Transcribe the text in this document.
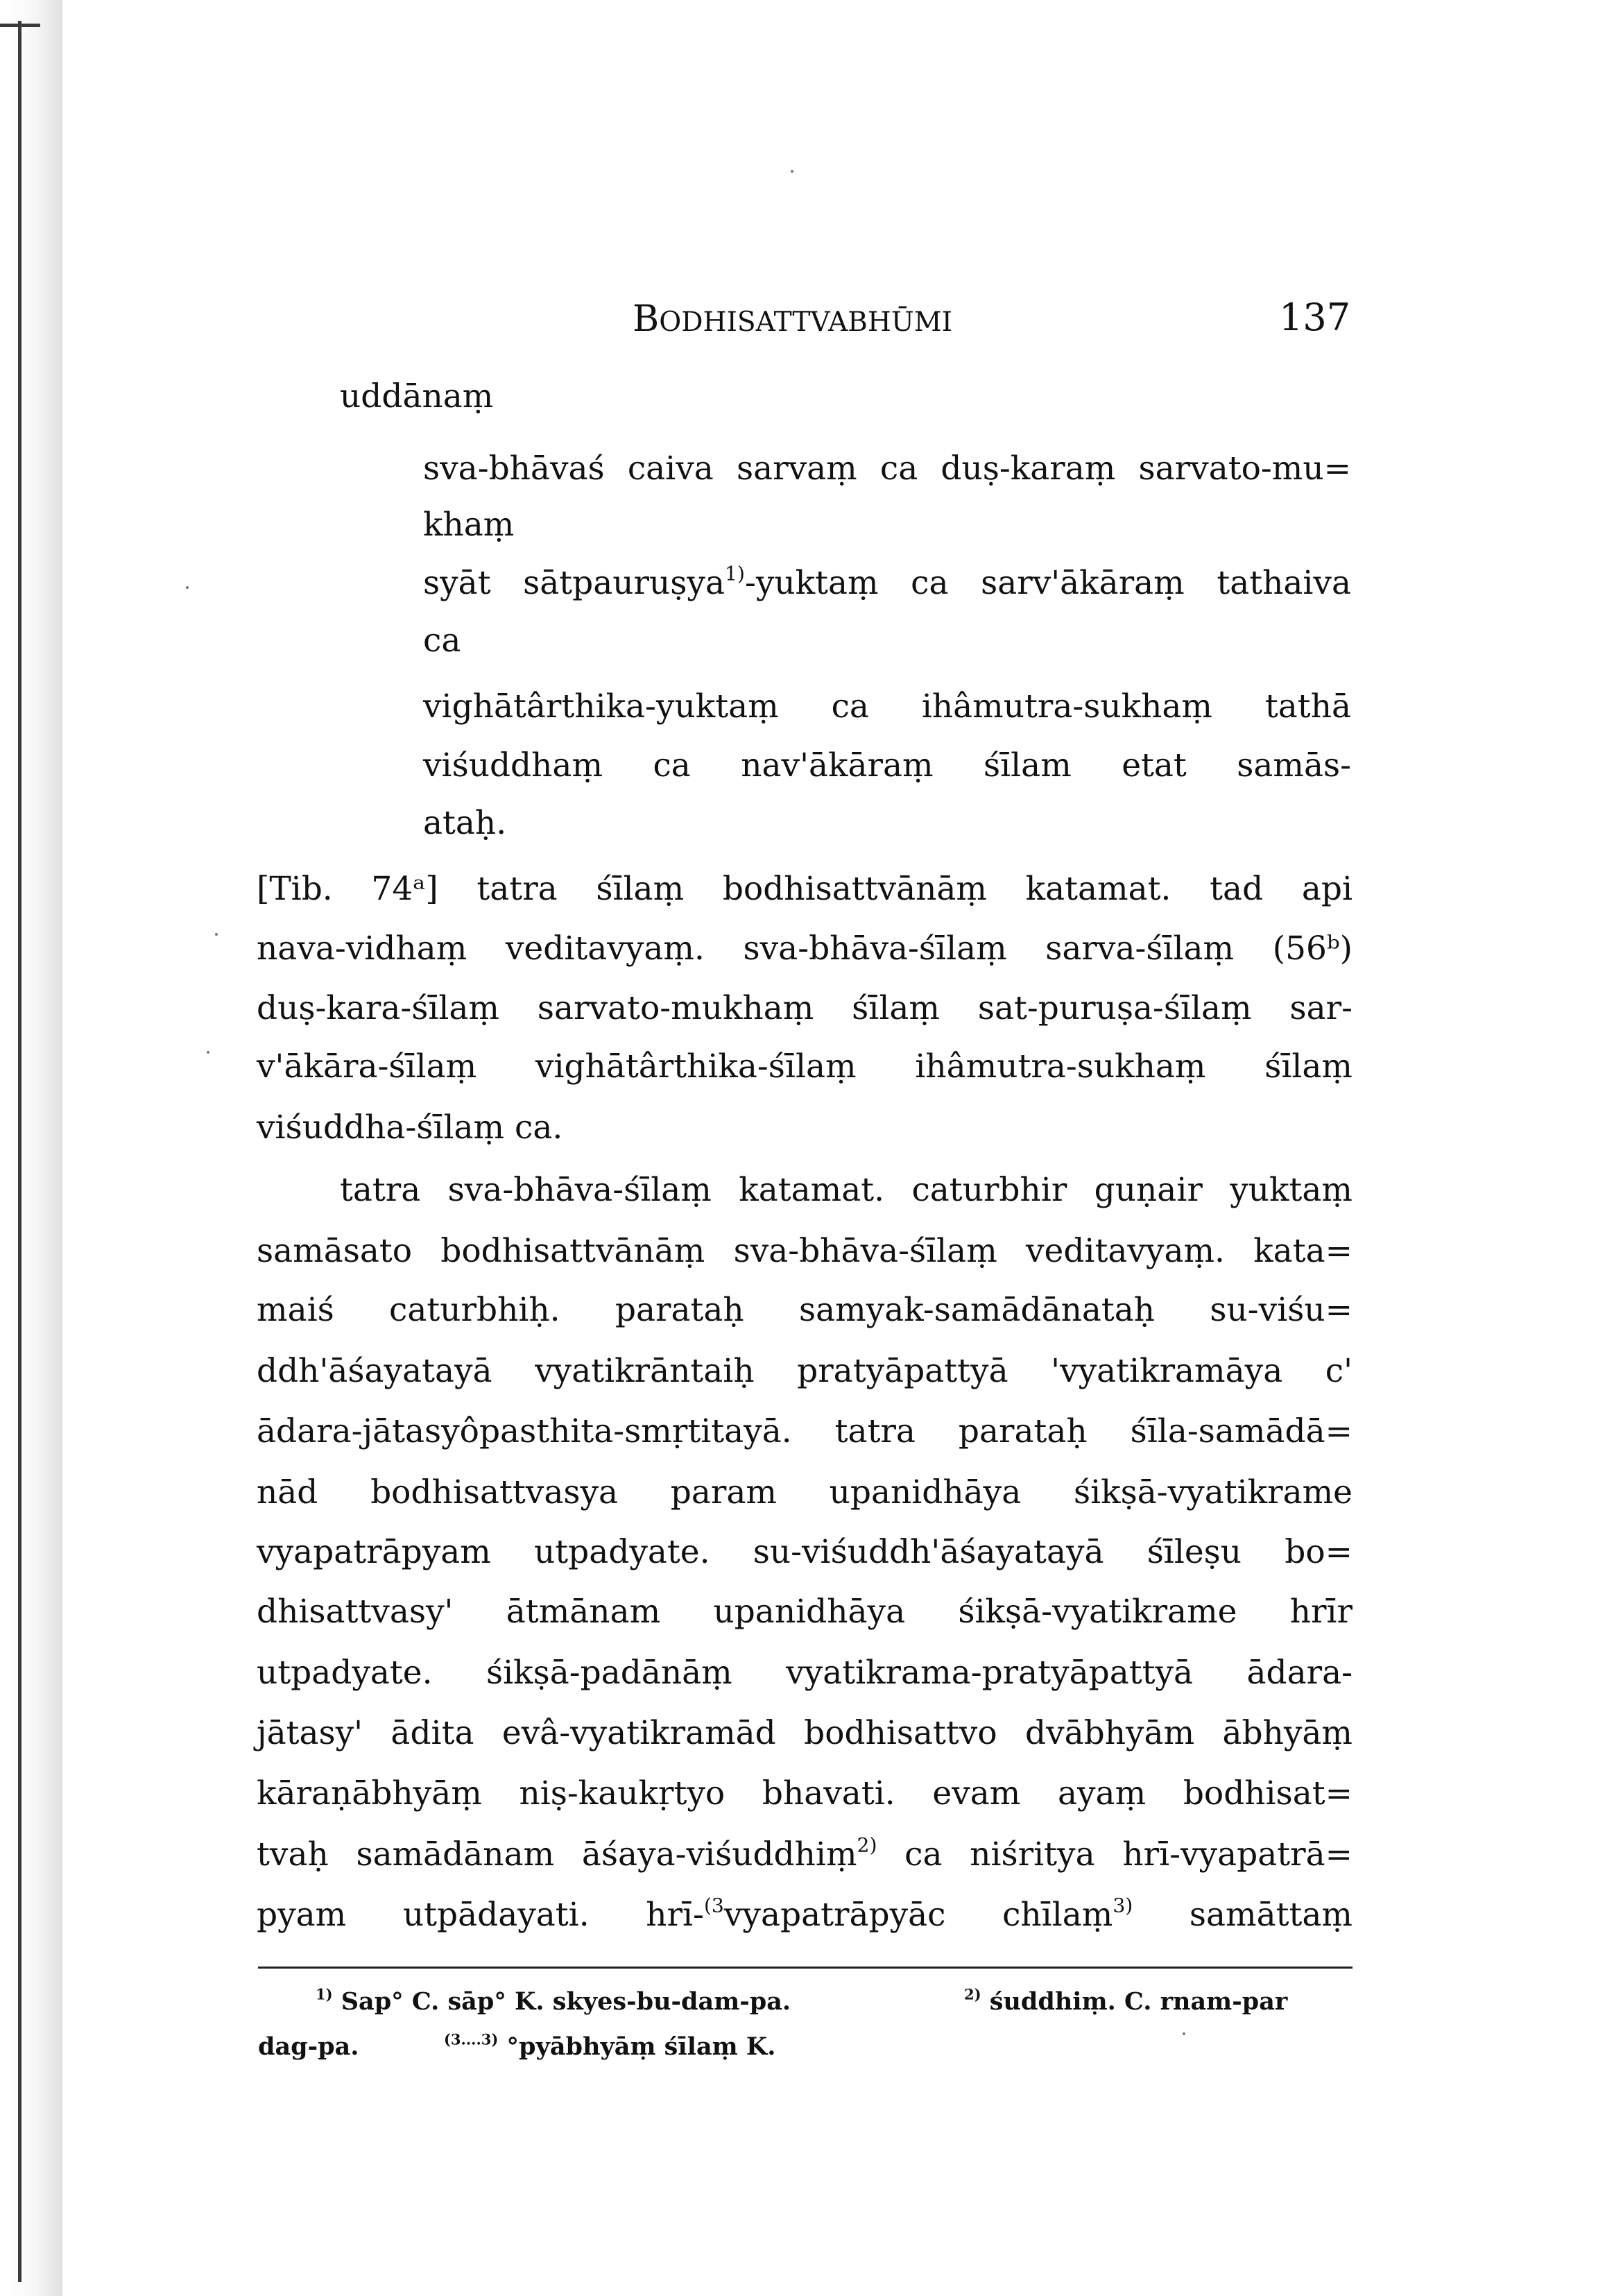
BODHISATTVABHŪMI	137
uddānaṃ
sva-bhāvaś caiva sarvaṃ ca duṣ-karaṃ sarvato-mu=
khaṃ
syāt sātpauruṣya$^{1)}$-yuktaṃ ca sarv'ākāraṃ tathaiva
ca
vighātârthika-yuktaṃ ca ihâmutra-sukhaṃ tathā
viśuddhaṃ ca nav'ākāraṃ śīlam etat samās-
ataḥ.
[Tib. 74ᵃ] tatra śīlaṃ bodhisattvānāṃ katamat. tad api
nava-vidhaṃ veditavyaṃ. sva-bhāva-śīlaṃ sarva-śīlaṃ (56ᵇ)
duṣ-kara-śīlaṃ sarvato-mukhaṃ śīlaṃ sat-puruṣa-śīlaṃ sar-
v'ākāra-śīlaṃ vighātârthika-śīlaṃ ihâmutra-sukhaṃ śīlaṃ
viśuddha-śīlaṃ ca.
tatra sva-bhāva-śīlaṃ katamat. caturbhir guṇair yuktaṃ
samāsato bodhisattvānāṃ sva-bhāva-śīlaṃ veditavyaṃ. kata=
maiś caturbhiḥ. parataḥ samyak-samādānataḥ su-viśu=
ddh'āśayatayā vyatikrāntaiḥ pratyāpattyā 'vyatikramāya c'
ādara-jātasyôpasthita-smṛtitayā. tatra parataḥ śīla-samādā=
nād bodhisattvasya param upanidhāya śikṣā-vyatikrame
vyapatrāpyam utpadyate. su-viśuddh'āśayatayā śīleṣu bo=
dhisattvasy' ātmānam upanidhāya śikṣā-vyatikrame hrīr
utpadyate. śikṣā-padānāṃ vyatikrama-pratyāpattyā ādara-
jātasy' ādita evâ-vyatikramād bodhisattvo dvābhyām ābhyāṃ
kāraṇābhyāṃ niṣ-kaukṛtyo bhavati. evam ayaṃ bodhisat=
tvaḥ samādānam āśaya-viśuddhiṃ$^{2)}$ ca niśritya hrī-vyapatrā=
pyam utpādayati. hrī-$^{(3}$vyapatrāpyāc chīlaṃ$^{3)}$ samāttaṃ
$^{1)}$ Sap° C. sāp° K. skyes-bu-dam-pa.	$^{2)}$ śuddhiṃ. C. rnam-par
dag-pa.	$^{(3....3)}$ °pyābhyāṃ śīlaṃ K.
